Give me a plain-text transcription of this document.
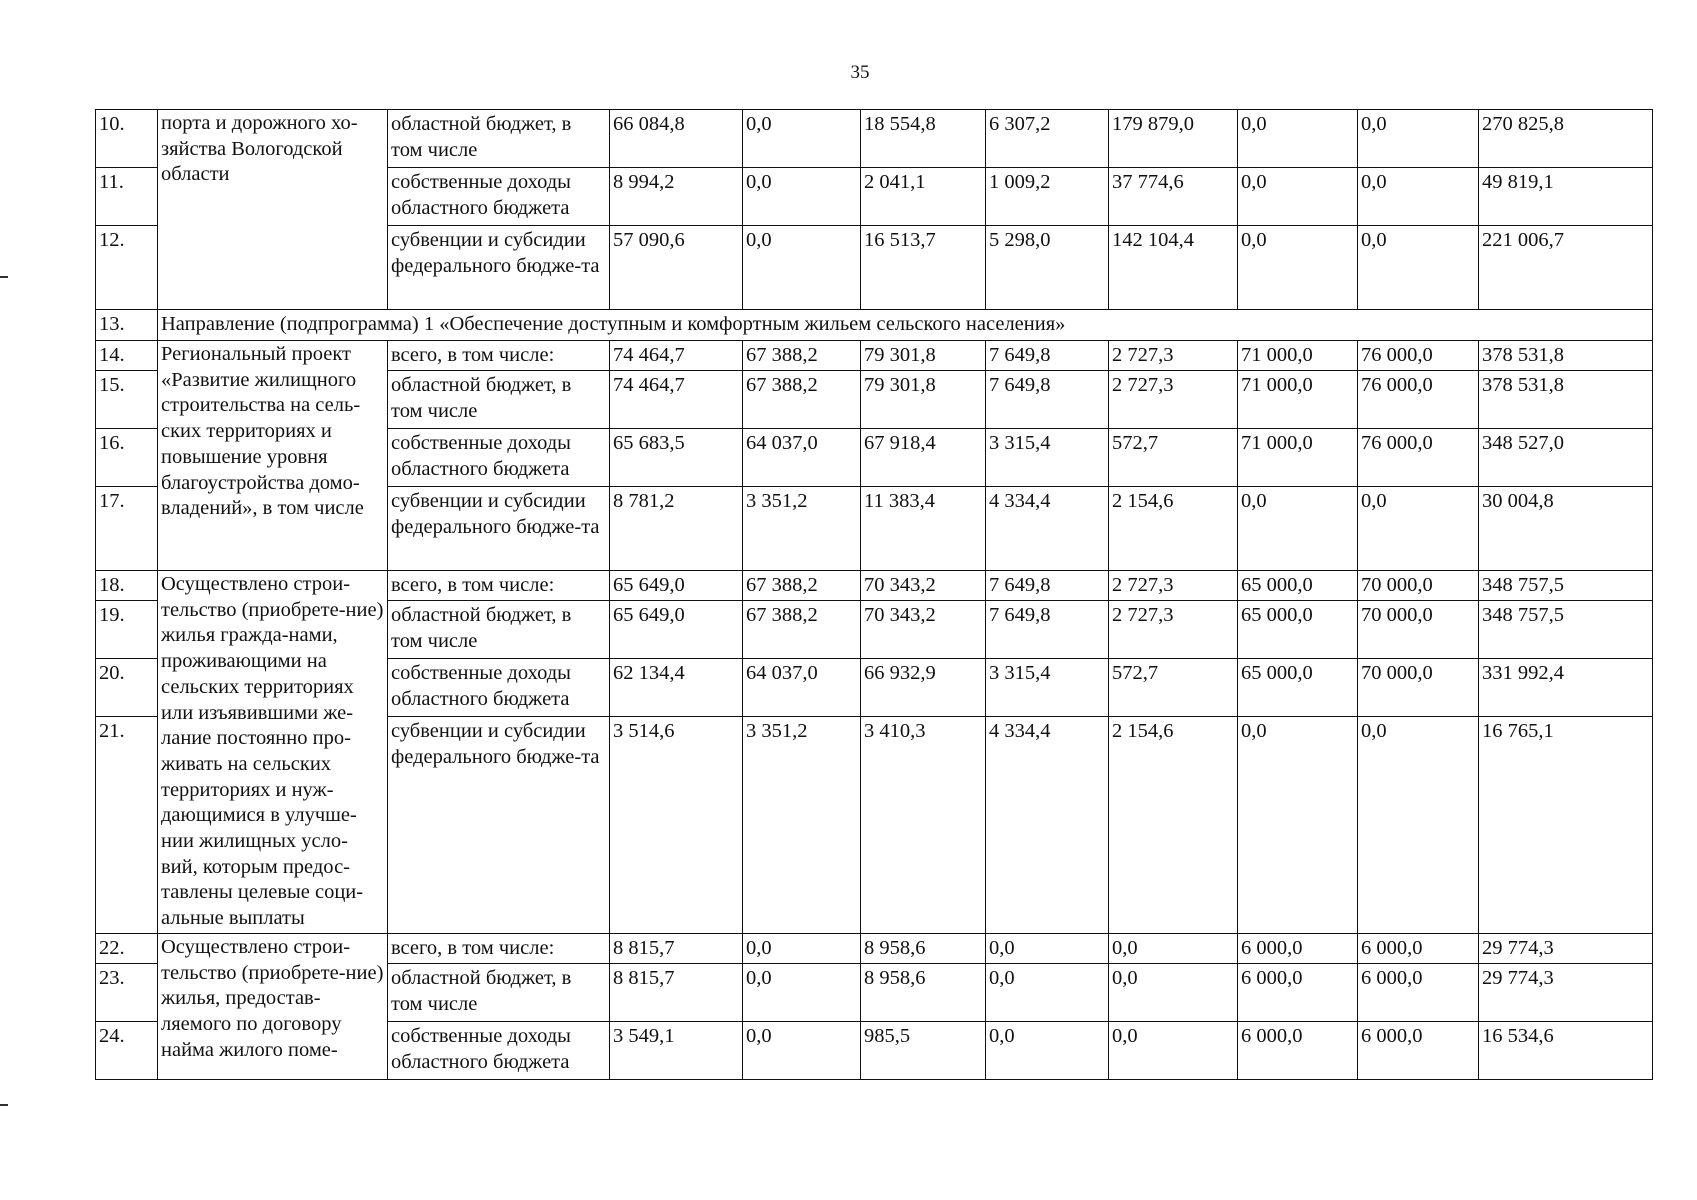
35
10.	порта и дорожного хо-зяйства Вологодской области	областной бюджет, в том числе	66 084,8	0,0	18 554,8	6 307,2	179 879,0	0,0	0,0	270 825,8
11.		собственные доходы областного бюджета	8 994,2	0,0	2 041,1	1 009,2	37 774,6	0,0	0,0	49 819,1
12.		субвенции и субсидии федерального бюдже-та	57 090,6	0,0	16 513,7	5 298,0	142 104,4	0,0	0,0	221 006,7
13.	Направление (подпрограмма) 1 «Обеспечение доступным и комфортным жильем сельского населения»									
14.	Региональный проект «Развитие жилищного строительства на сель-ских территориях и повышение уровня благоустройства домо-владений», в том числе	всего, в том числе:	74 464,7	67 388,2	79 301,8	7 649,8	2 727,3	71 000,0	76 000,0	378 531,8
15.		областной бюджет, в том числе	74 464,7	67 388,2	79 301,8	7 649,8	2 727,3	71 000,0	76 000,0	378 531,8
16.		собственные доходы областного бюджета	65 683,5	64 037,0	67 918,4	3 315,4	572,7	71 000,0	76 000,0	348 527,0
17.		субвенции и субсидии федерального бюдже-та	8 781,2	3 351,2	11 383,4	4 334,4	2 154,6	0,0	0,0	30 004,8
18.	Осуществлено строи-тельство (приобрете-ние) жилья гражда-нами, проживающими на сельских территориях или изъявившими же-лание постоянно про-живать на сельских территориях и нуж-дающимися в улучше-нии жилищных усло-вий, которым предос-тавлены целевые соци-альные выплаты	всего, в том числе:	65 649,0	67 388,2	70 343,2	7 649,8	2 727,3	65 000,0	70 000,0	348 757,5
19.		областной бюджет, в том числе	65 649,0	67 388,2	70 343,2	7 649,8	2 727,3	65 000,0	70 000,0	348 757,5
20.		собственные доходы областного бюджета	62 134,4	64 037,0	66 932,9	3 315,4	572,7	65 000,0	70 000,0	331 992,4
21.		субвенции и субсидии федерального бюдже-та	3 514,6	3 351,2	3 410,3	4 334,4	2 154,6	0,0	0,0	16 765,1
22.	Осуществлено строи-тельство (приобрете-ние) жилья, предостав-ляемого по договору найма жилого поме-	всего, в том числе:	8 815,7	0,0	8 958,6	0,0	0,0	6 000,0	6 000,0	29 774,3
23.		областной бюджет, в том числе	8 815,7	0,0	8 958,6	0,0	0,0	6 000,0	6 000,0	29 774,3
24.		собственные доходы областного бюджета	3 549,1	0,0	985,5	0,0	0,0	6 000,0	6 000,0	16 534,6
